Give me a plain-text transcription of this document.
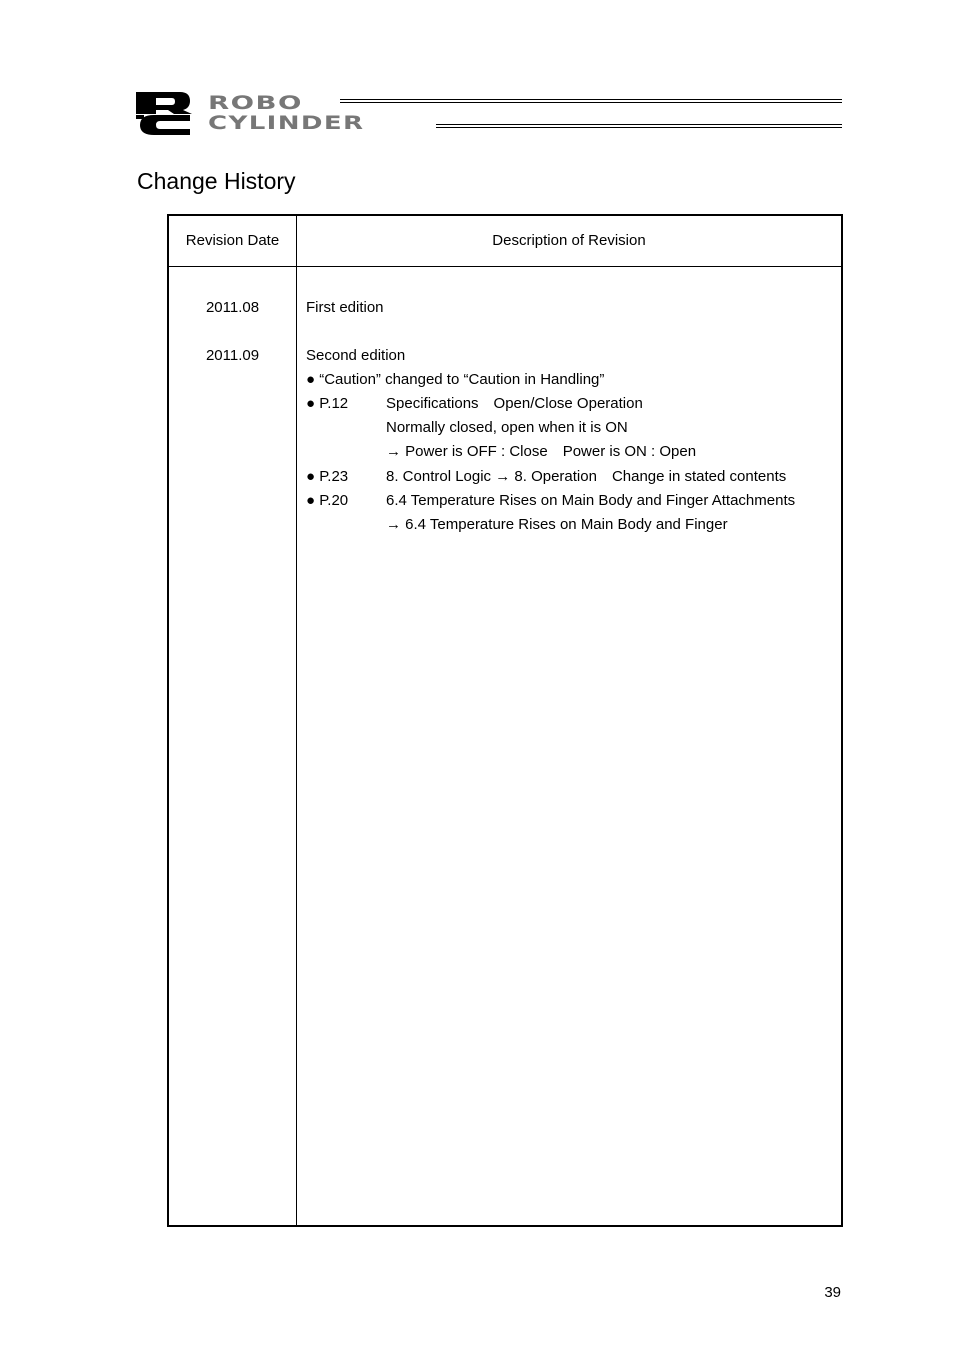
ROBO
CYLINDER
Change History
Revision Date	Description of Revision
2011.08	First edition
2011.09	Second edition
● “Caution” changed to “Caution in Handling”
● P.12	Specifications　Open/Close Operation
Normally closed, open when it is ON
→ Power is OFF : Close　Power is ON : Open
● P.23	8. Control Logic → 8. Operation　Change in stated contents
● P.20	6.4 Temperature Rises on Main Body and Finger Attachments
→ 6.4 Temperature Rises on Main Body and Finger
39
